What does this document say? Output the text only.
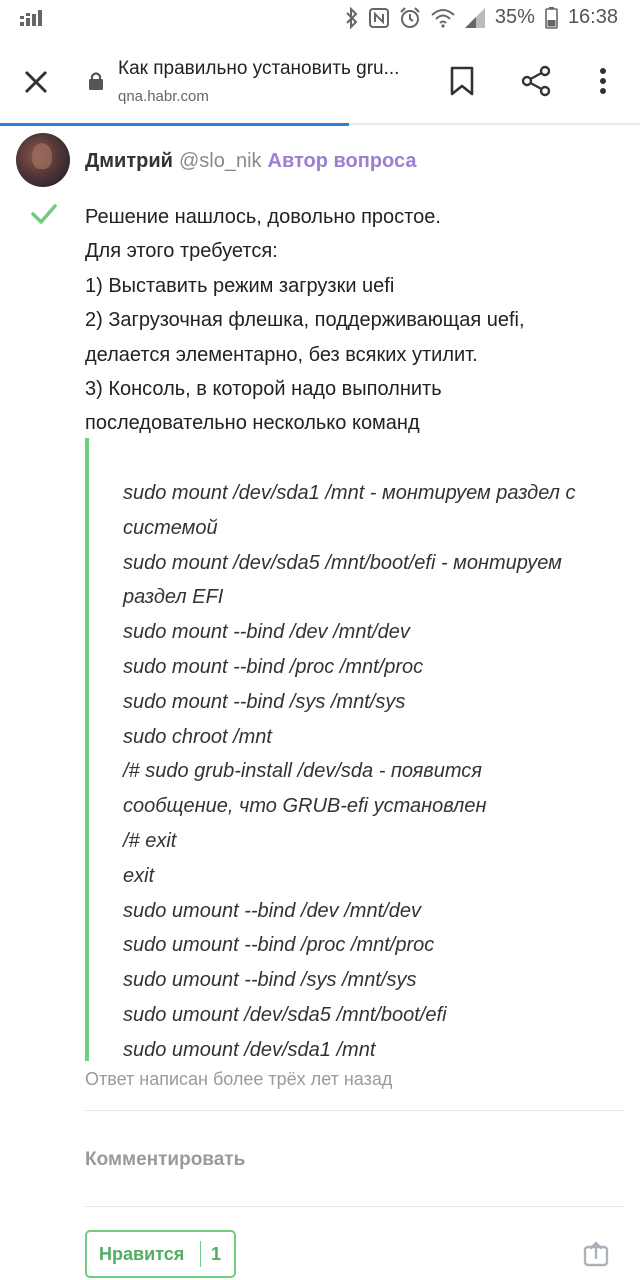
35% 16:38
Как правильно установить gru...
qna.habr.com
Дмитрий @slo_nik Автор вопроса
Решение нашлось, довольно простое.
Для этого требуется:
1) Выставить режим загрузки uefi
2) Загрузочная флешка, поддерживающая uefi,
делается элементарно, без всяких утилит.
3) Консоль, в которой надо выполнить
последовательно несколько команд
sudo mount /dev/sda1 /mnt - монтируем раздел с
системой
sudo mount /dev/sda5 /mnt/boot/efi - монтируем
раздел EFI
sudo mount --bind /dev /mnt/dev
sudo mount --bind /proc /mnt/proc
sudo mount --bind /sys /mnt/sys
sudo chroot /mnt
/# sudo grub-install /dev/sda - появится
сообщение, что GRUB-efi установлен
/# exit
exit
sudo umount --bind /dev /mnt/dev
sudo umount --bind /proc /mnt/proc
sudo umount --bind /sys /mnt/sys
sudo umount /dev/sda5 /mnt/boot/efi
sudo umount /dev/sda1 /mnt
Ответ написан более трёх лет назад
Комментировать
Нравится	1
